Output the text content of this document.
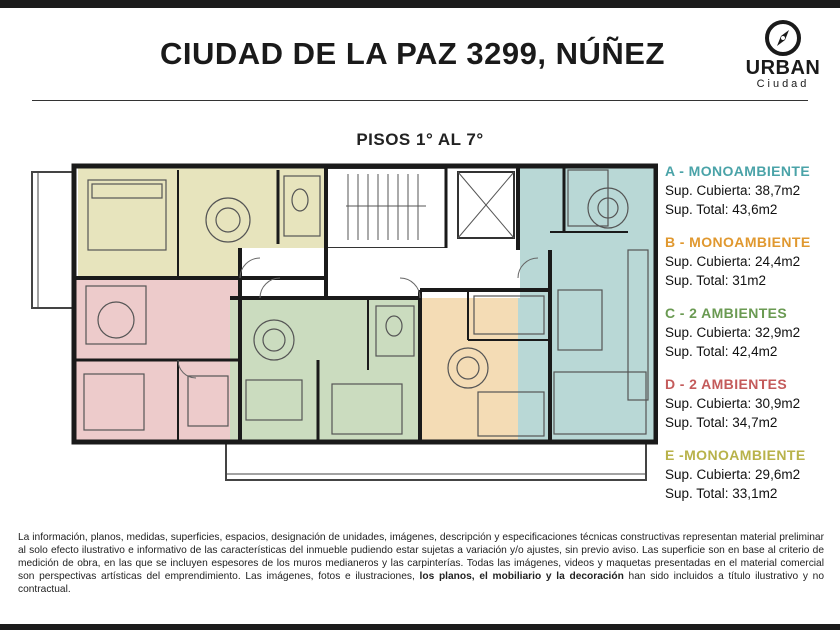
CIUDAD DE LA PAZ 3299, NÚÑEZ	URBAN
Ciudad
PISOS 1° AL 7°
A - MONOAMBIENTE
Sup. Cubierta: 38,7m2
Sup. Total: 43,6m2
B - MONOAMBIENTE
Sup. Cubierta: 24,4m2
Sup. Total: 31m2
C - 2 AMBIENTES
Sup. Cubierta: 32,9m2
Sup. Total: 42,4m2
D - 2 AMBIENTES
Sup. Cubierta: 30,9m2
Sup. Total: 34,7m2
E -MONOAMBIENTE
Sup. Cubierta: 29,6m2
Sup. Total: 33,1m2
La información, planos, medidas, superficies, espacios, designación de unidades, imágenes, descripción y especificaciones técnicas constructivas representan material preliminar al solo efecto ilustrativo e informativo de las características del inmueble pudiendo estar sujetas a variación y/o ajustes, sin previo aviso. Las superficie son en base al criterio de medición de obra, en las que se incluyen espesores de los muros medianeros y las carpinterías. Todas las imágenes, videos y maquetas presentadas en el material comercial son perspectivas artísticas del emprendimiento. Las imágenes, fotos e ilustraciones, los planos, el mobiliario y la decoración han sido incluidos a título ilustrativo y no contractual.
